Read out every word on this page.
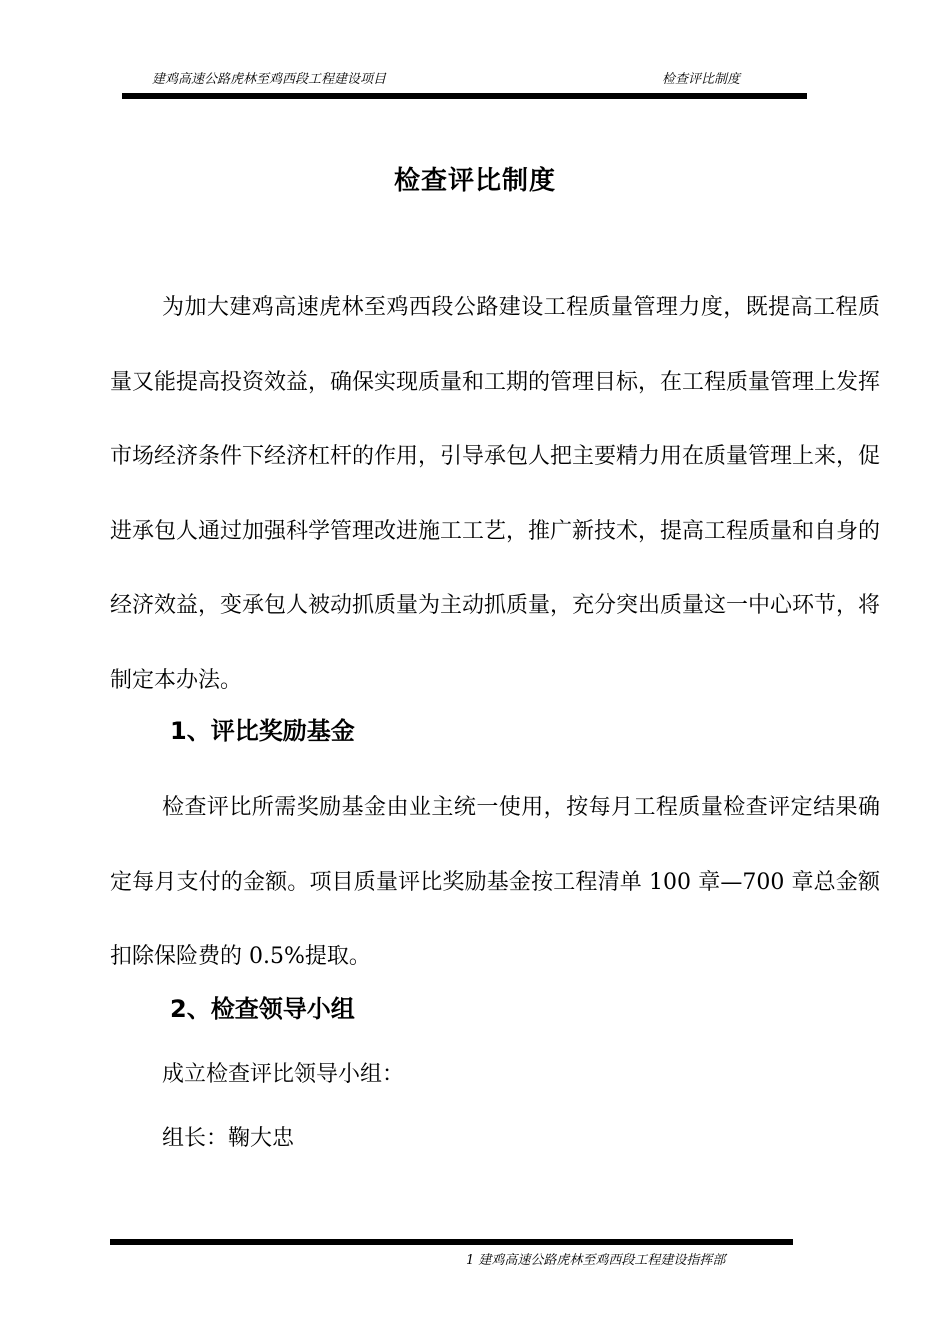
建鸡高速公路虎林至鸡西段工程建设项目	检查评比制度
检查评比制度

为加大建鸡高速虎林至鸡西段公路建设工程质量管理力度，既提高工程质量又能提高投资效益，确保实现质量和工期的管理目标，在工程质量管理上发挥市场经济条件下经济杠杆的作用，引导承包人把主要精力用在质量管理上来，促进承包人通过加强科学管理改进施工工艺，推广新技术，提高工程质量和自身的经济效益，变承包人被动抓质量为主动抓质量，充分突出质量这一中心环节，将制定本办法。

1、评比奖励基金

检查评比所需奖励基金由业主统一使用，按每月工程质量检查评定结果确定每月支付的金额。项目质量评比奖励基金按工程清单 100 章—700 章总金额扣除保险费的 0.5%提取。

2、检查领导小组
成立检查评比领导小组：
组长：鞠大忠
1 建鸡高速公路虎林至鸡西段工程建设指挥部
